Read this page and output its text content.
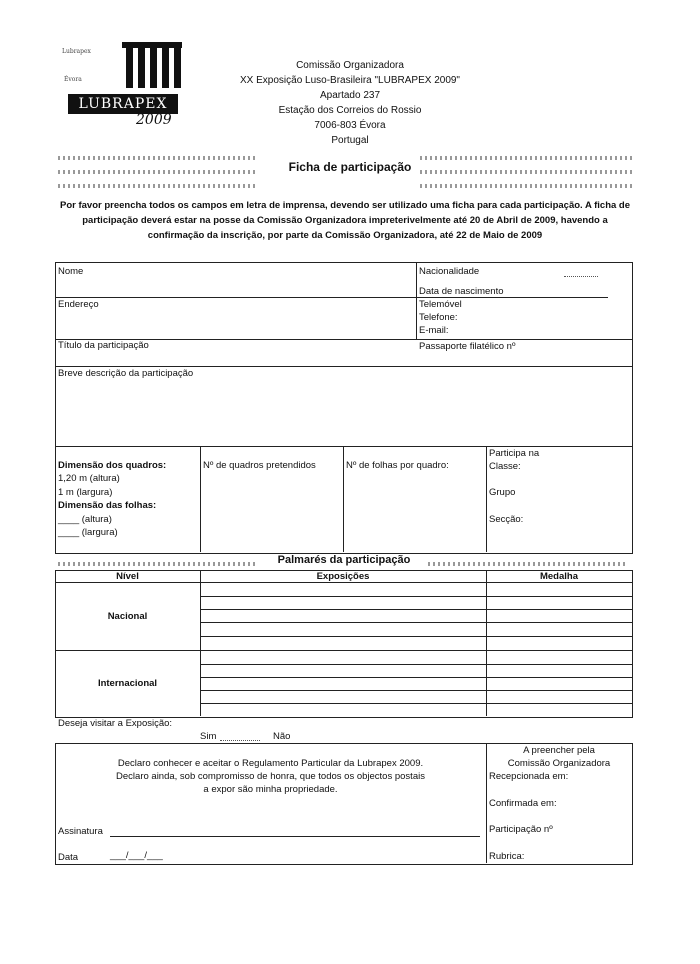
Lubrapex
Évora
LUBRAPEX
2009
Comissão Organizadora
XX Exposição Luso-Brasileira "LUBRAPEX 2009"
Apartado 237
Estação dos Correios do Rossio
7006-803 Évora
Portugal
Ficha de participação
Por favor preencha todos os campos em letra de imprensa, devendo ser utilizado uma ficha para cada participação. A ficha de participação deverá estar na posse da Comissão Organizadora impreterivelmente até 20 de Abril de 2009, havendo a confirmação da inscrição, por parte da Comissão Organizadora, até 22 de Maio de 2009
Nome	Nacionalidade
Data de nascimento
Endereço	Telemóvel
Telefone:
E-mail:
Título da participação	Passaporte filatélico nº
Breve descrição da participação
Dimensão dos quadros:
1,20 m (altura)
1 m (largura)
Dimensão das folhas:
____ (altura)
____ (largura)
Nº de quadros pretendidos	Nº de folhas por quadro:
Participa na
Classe:
Grupo
Secção:
Palmarés da participação
Nível	Exposições	Medalha
Nacional
Internacional
Deseja visitar a Exposição:
Sim	Não
Declaro conhecer e aceitar o Regulamento Particular da Lubrapex 2009.
Declaro ainda, sob compromisso de honra, que todos os objectos postais
a expor são minha propriedade.
Assinatura
Data	___/___/___
A preencher pela
Comissão Organizadora
Recepcionada em:
Confirmada em:
Participação nº
Rubrica:
